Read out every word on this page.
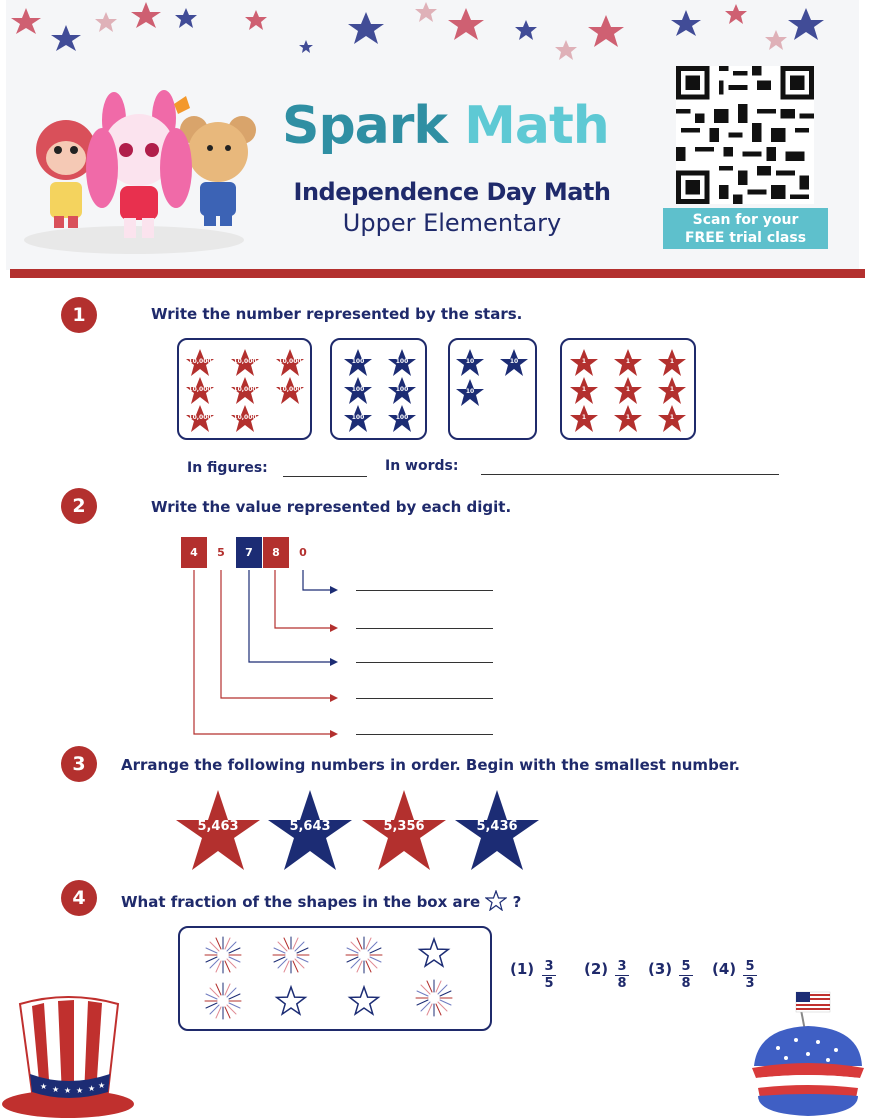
Spark Math
Independence Day Math
Upper Elementary	Scan for your
FREE trial class
1	Write the number represented by the stars.
10,000	10,000	10,000
10,000	10,000	10,000
10,000	10,000
100	100
100	100
100	100
10	10
10
1	1	1
1	1	1
1	1	1
In figures:	In words:
2	Write the value represented by each digit.
4	5	7	8	0
3	Arrange the following numbers in order. Begin with the smallest number.
5,463	5,643	5,356	5,436
4	What fraction of the shapes in the box are ?
(1) 3
5
(2) 3
8
(3) 5
8
(4) 5
3
★ ★ ★ ★ ★ ★
